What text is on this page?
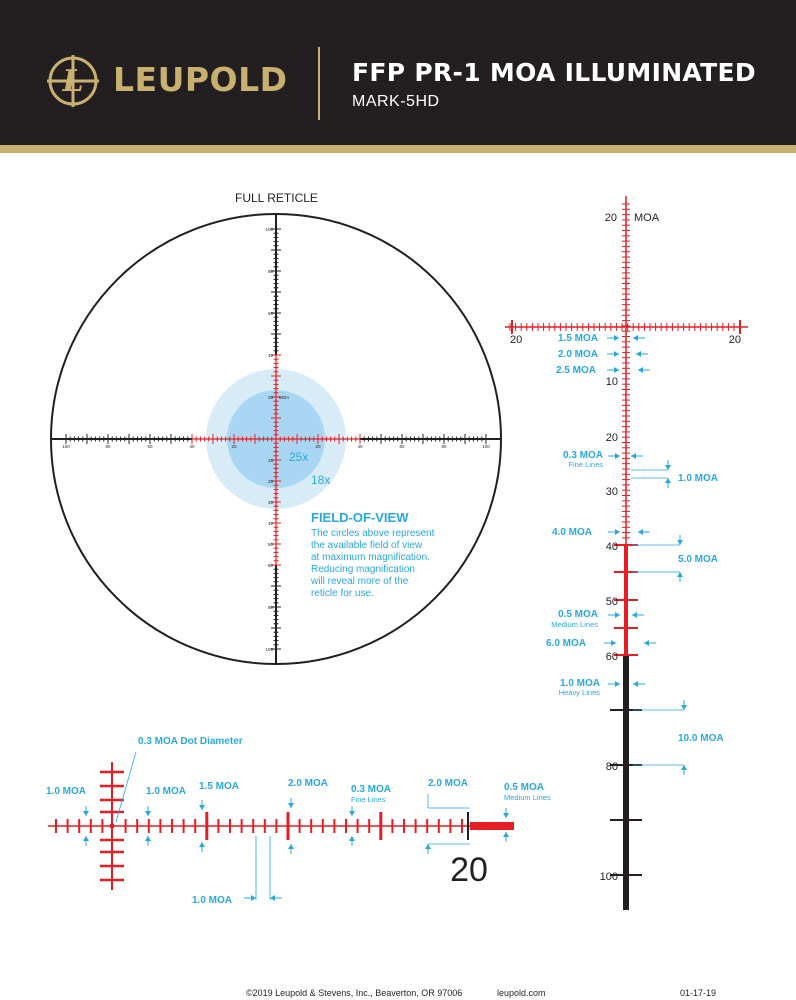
L LEUPOLD	FFP PR-1 MOA ILLUMINATED
MARK-5HD
FULL RETICLE
100
80
60
40
20
10
20
30
40
50
60
80
100
100	80	60	40	20	20	40	60	80	100
MOA
25x
18x
FIELD-OF-VIEW
The circles above represent
the available field of view
at maximum magnification.
Reducing magnification
will reveal more of the
reticle for use.
20 MOA
20	20
10
20
30
40
50
60
80
100
1.5 MOA
2.0 MOA
2.5 MOA
0.3 MOA
Fine Lines
1.0 MOA
4.0 MOA
5.0 MOA
0.5 MOA
Medium Lines
6.0 MOA
1.0 MOA
Heavy Lines
10.0 MOA
0.3 MOA Dot Diameter
1.0 MOA	1.0 MOA 1.5 MOA	2.0 MOA
0.3 MOA
Fine Lines
2.0 MOA	0.5 MOA
Medium Lines
1.0 MOA
20
©2019 Leupold & Stevens, Inc., Beaverton, OR 97006	leupold.com	01-17-19
